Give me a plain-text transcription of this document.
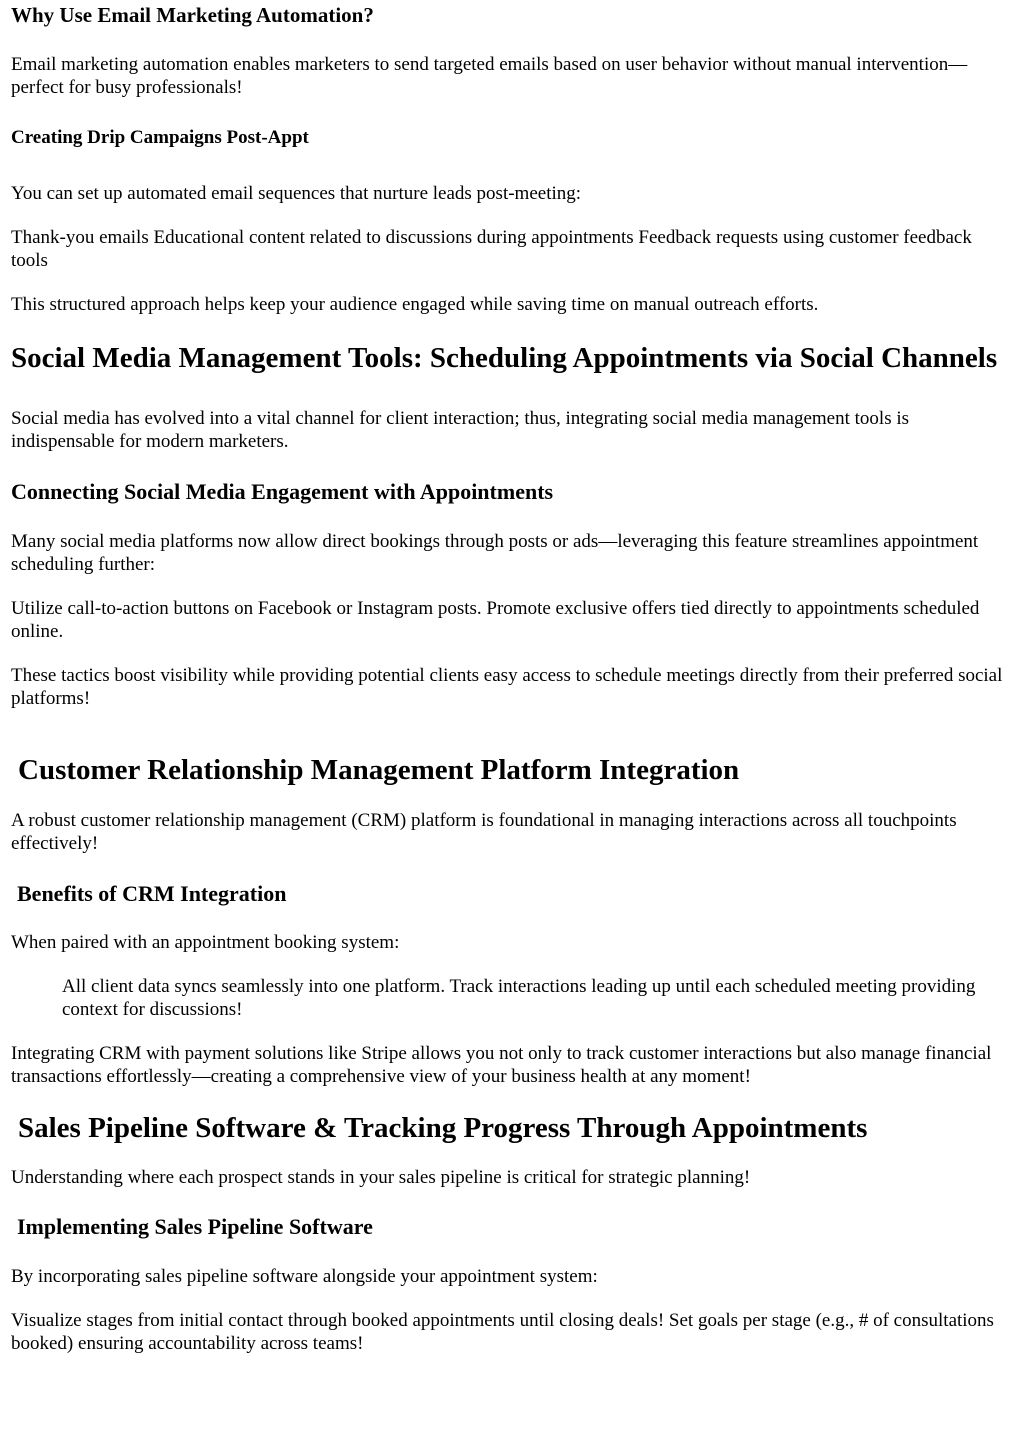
Why Use Email Marketing Automation?

Email marketing automation enables marketers to send targeted emails based on user behavior without manual intervention—perfect for busy professionals!

Creating Drip Campaigns Post-Appt

You can set up automated email sequences that nurture leads post-meeting:

Thank-you emails Educational content related to discussions during appointments Feedback requests using customer feedback tools

This structured approach helps keep your audience engaged while saving time on manual outreach efforts.

Social Media Management Tools: Scheduling Appointments via Social Channels

Social media has evolved into a vital channel for client interaction; thus, integrating social media management tools is indispensable for modern marketers.

Connecting Social Media Engagement with Appointments

Many social media platforms now allow direct bookings through posts or ads—leveraging this feature streamlines appointment scheduling further:

Utilize call-to-action buttons on Facebook or Instagram posts. Promote exclusive offers tied directly to appointments scheduled online.

These tactics boost visibility while providing potential clients easy access to schedule meetings directly from their preferred social platforms!

Customer Relationship Management Platform Integration

A robust customer relationship management (CRM) platform is foundational in managing interactions across all touchpoints effectively!

Benefits of CRM Integration

When paired with an appointment booking system:

All client data syncs seamlessly into one platform. Track interactions leading up until each scheduled meeting providing context for discussions!

Integrating CRM with payment solutions like Stripe allows you not only to track customer interactions but also manage financial transactions effortlessly—creating a comprehensive view of your business health at any moment!

Sales Pipeline Software & Tracking Progress Through Appointments

Understanding where each prospect stands in your sales pipeline is critical for strategic planning!

Implementing Sales Pipeline Software

By incorporating sales pipeline software alongside your appointment system:

Visualize stages from initial contact through booked appointments until closing deals! Set goals per stage (e.g., # of consultations booked) ensuring accountability across teams!
